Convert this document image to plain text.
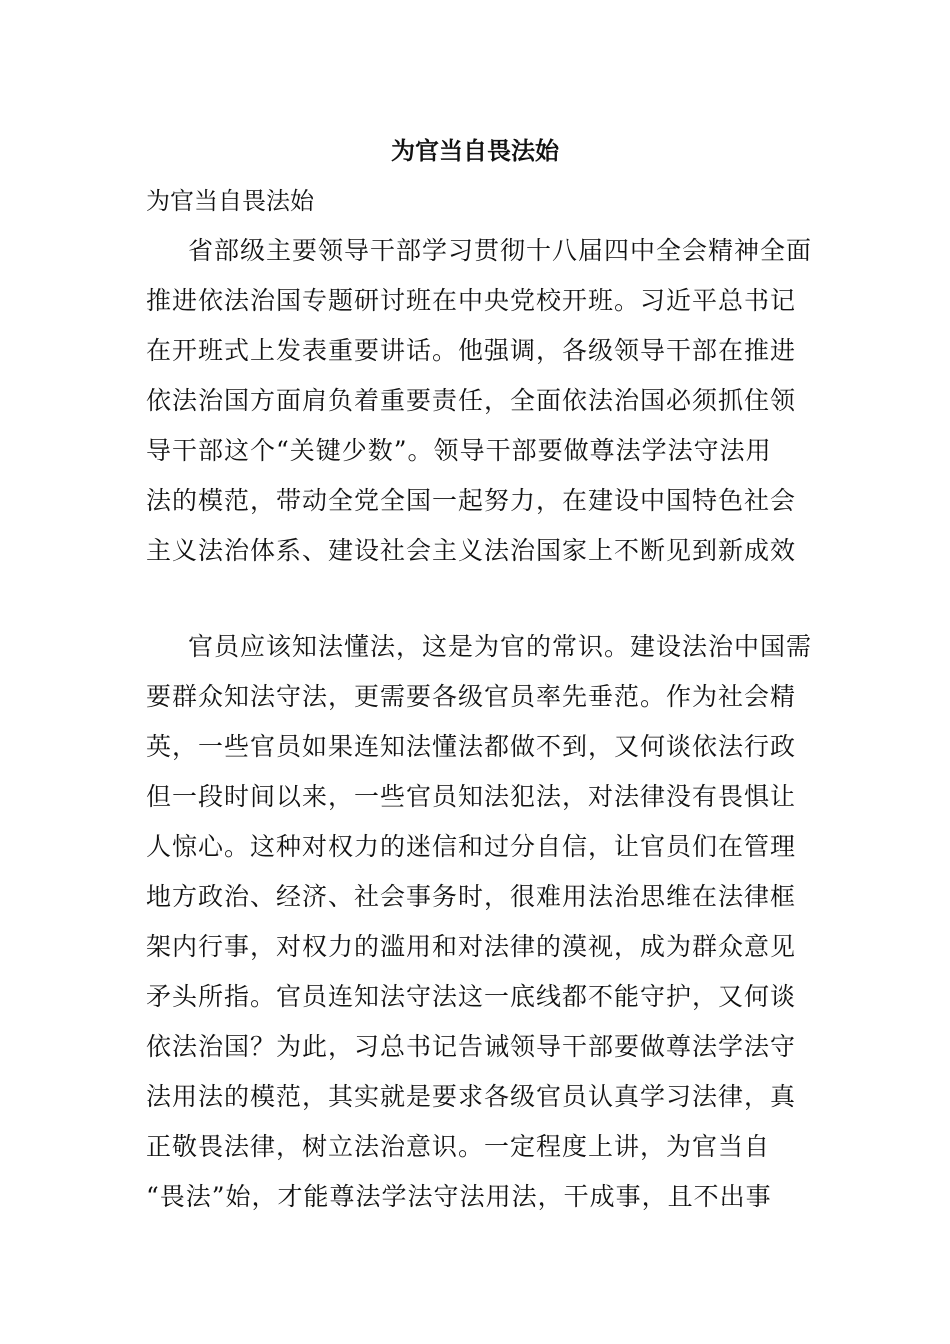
为官当自畏法始

为官当自畏法始

省部级主要领导干部学习贯彻十八届四中全会精神全面
推进依法治国专题研讨班在中央党校开班。习近平总书记
在开班式上发表重要讲话。他强调，各级领导干部在推进
依法治国方面肩负着重要责任，全面依法治国必须抓住领
导干部这个“关键少数”。领导干部要做尊法学法守法用
法的模范，带动全党全国一起努力，在建设中国特色社会
主义法治体系、建设社会主义法治国家上不断见到新成效
官员应该知法懂法，这是为官的常识。建设法治中国需
要群众知法守法，更需要各级官员率先垂范。作为社会精
英，一些官员如果连知法懂法都做不到，又何谈依法行政
但一段时间以来，一些官员知法犯法，对法律没有畏惧让
人惊心。这种对权力的迷信和过分自信，让官员们在管理
地方政治、经济、社会事务时，很难用法治思维在法律框
架内行事，对权力的滥用和对法律的漠视，成为群众意见
矛头所指。官员连知法守法这一底线都不能守护，又何谈
依法治国？为此，习总书记告诫领导干部要做尊法学法守
法用法的模范，其实就是要求各级官员认真学习法律，真
正敬畏法律，树立法治意识。一定程度上讲，为官当自
“畏法”始，才能尊法学法守法用法，干成事，且不出事
